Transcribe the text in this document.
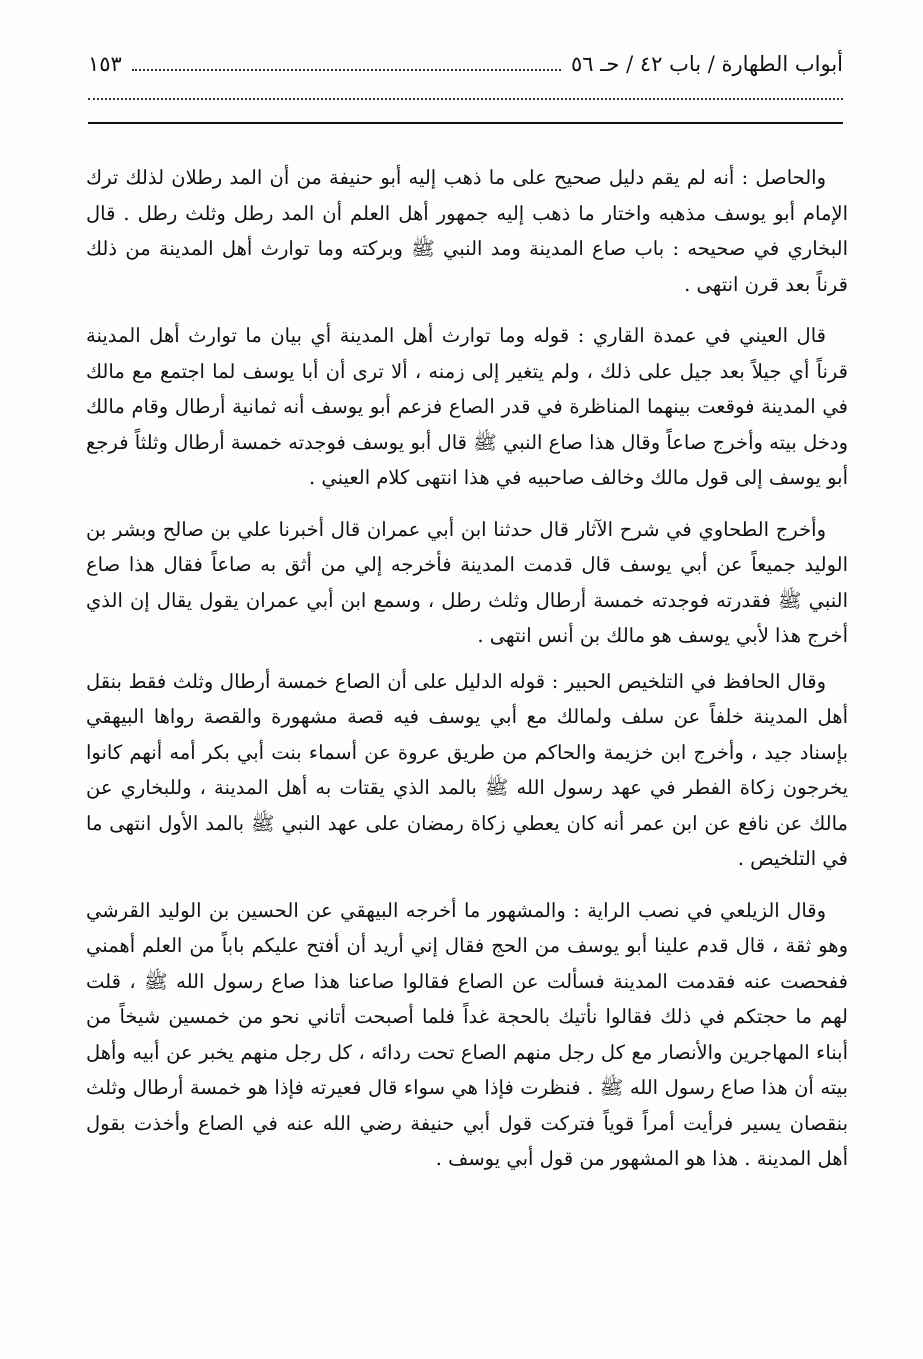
أبواب الطهارة / باب ٤٢ / حـ ٥٦
١٥٣

والحاصل : أنه لم يقم دليل صحيح على ما ذهب إليه أبو حنيفة من أن المد رطلان لذلك ترك الإمام أبو يوسف مذهبه واختار ما ذهب إليه جمهور أهل العلم أن المد رطل وثلث رطل . قال البخاري في صحيحه : باب صاع المدينة ومد النبي ﷺ وبركته وما توارث أهل المدينة من ذلك قرناً بعد قرن انتهى .

قال العيني في عمدة القاري : قوله وما توارث أهل المدينة أي بيان ما توارث أهل المدينة قرناً أي جيلاً بعد جيل على ذلك ، ولم يتغير إلى زمنه ، ألا ترى أن أبا يوسف لما اجتمع مع مالك في المدينة فوقعت بينهما المناظرة في قدر الصاع فزعم أبو يوسف أنه ثمانية أرطال وقام مالك ودخل بيته وأخرج صاعاً وقال هذا صاع النبي ﷺ قال أبو يوسف فوجدته خمسة أرطال وثلثاً فرجع أبو يوسف إلى قول مالك وخالف صاحبيه في هذا انتهى كلام العيني .

وأخرج الطحاوي في شرح الآثار قال حدثنا ابن أبي عمران قال أخبرنا علي بن صالح وبشر بن الوليد جميعاً عن أبي يوسف قال قدمت المدينة فأخرجه إلي من أثق به صاعاً فقال هذا صاع النبي ﷺ فقدرته فوجدته خمسة أرطال وثلث رطل ، وسمع ابن أبي عمران يقول يقال إن الذي أخرج هذا لأبي يوسف هو مالك بن أنس انتهى .

وقال الحافظ في التلخيص الحبير : قوله الدليل على أن الصاع خمسة أرطال وثلث فقط بنقل أهل المدينة خلفاً عن سلف ولمالك مع أبي يوسف فيه قصة مشهورة والقصة رواها البيهقي بإسناد جيد ، وأخرج ابن خزيمة والحاكم من طريق عروة عن أسماء بنت أبي بكر أمه أنهم كانوا يخرجون زكاة الفطر في عهد رسول الله ﷺ بالمد الذي يقتات به أهل المدينة ، وللبخاري عن مالك عن نافع عن ابن عمر أنه كان يعطي زكاة رمضان على عهد النبي ﷺ بالمد الأول انتهى ما في التلخيص .

وقال الزيلعي في نصب الراية : والمشهور ما أخرجه البيهقي عن الحسين بن الوليد القرشي وهو ثقة ، قال قدم علينا أبو يوسف من الحج فقال إني أريد أن أفتح عليكم باباً من العلم أهمني ففحصت عنه فقدمت المدينة فسألت عن الصاع فقالوا صاعنا هذا صاع رسول الله ﷺ ، قلت لهم ما حجتكم في ذلك فقالوا نأتيك بالحجة غداً فلما أصبحت أتاني نحو من خمسين شيخاً من أبناء المهاجرين والأنصار مع كل رجل منهم الصاع تحت ردائه ، كل رجل منهم يخبر عن أبيه وأهل بيته أن هذا صاع رسول الله ﷺ . فنظرت فإذا هي سواء قال فعيرته فإذا هو خمسة أرطال وثلث بنقصان يسير فرأيت أمراً قوياً فتركت قول أبي حنيفة رضي الله عنه في الصاع وأخذت بقول أهل المدينة . هذا هو المشهور من قول أبي يوسف .
